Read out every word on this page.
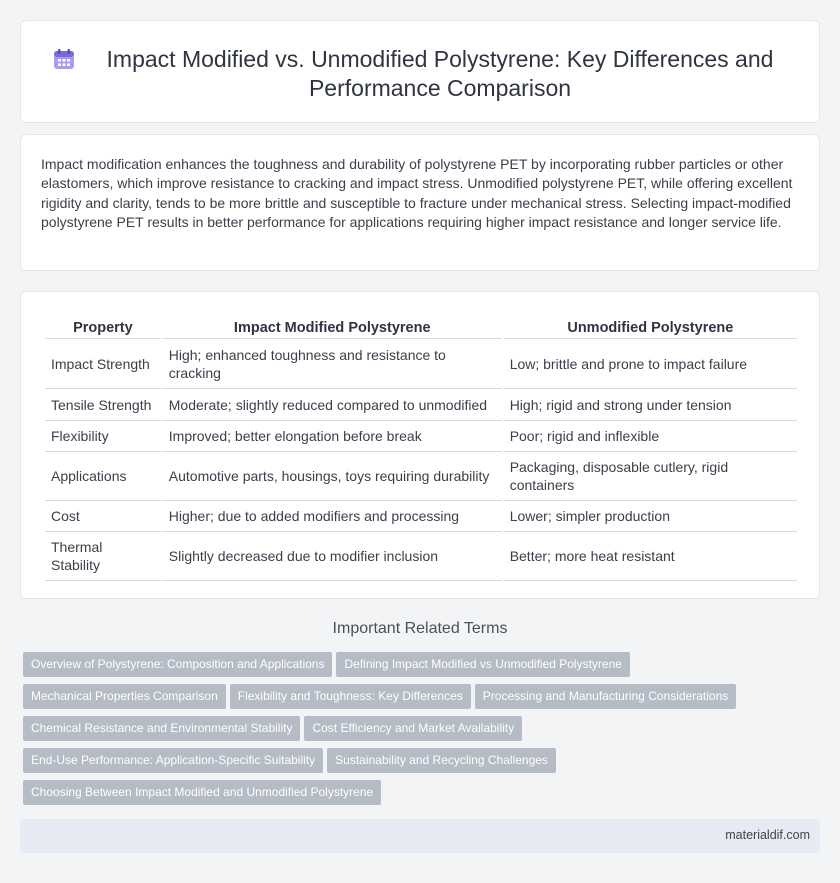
Impact Modified vs. Unmodified Polystyrene: Key Differences and Performance Comparison

Impact modification enhances the toughness and durability of polystyrene PET by incorporating rubber particles or other elastomers, which improve resistance to cracking and impact stress. Unmodified polystyrene PET, while offering excellent rigidity and clarity, tends to be more brittle and susceptible to fracture under mechanical stress. Selecting impact-modified polystyrene PET results in better performance for applications requiring higher impact resistance and longer service life.

Property	Impact Modified Polystyrene	Unmodified Polystyrene
Impact Strength	High; enhanced toughness and resistance to cracking	Low; brittle and prone to impact failure
Tensile Strength	Moderate; slightly reduced compared to unmodified	High; rigid and strong under tension
Flexibility	Improved; better elongation before break	Poor; rigid and inflexible
Applications	Automotive parts, housings, toys requiring durability	Packaging, disposable cutlery, rigid containers
Cost	Higher; due to added modifiers and processing	Lower; simpler production
Thermal Stability	Slightly decreased due to modifier inclusion	Better; more heat resistant
Important Related Terms
Overview of Polystyrene: Composition and Applications Defining Impact Modified vs Unmodified Polystyrene
Mechanical Properties Comparison Flexibility and Toughness: Key Differences Processing and Manufacturing Considerations
Chemical Resistance and Environmental Stability Cost Efficiency and Market Availability
End-Use Performance: Application-Specific Suitability Sustainability and Recycling Challenges
Choosing Between Impact Modified and Unmodified Polystyrene
materialdif.com
